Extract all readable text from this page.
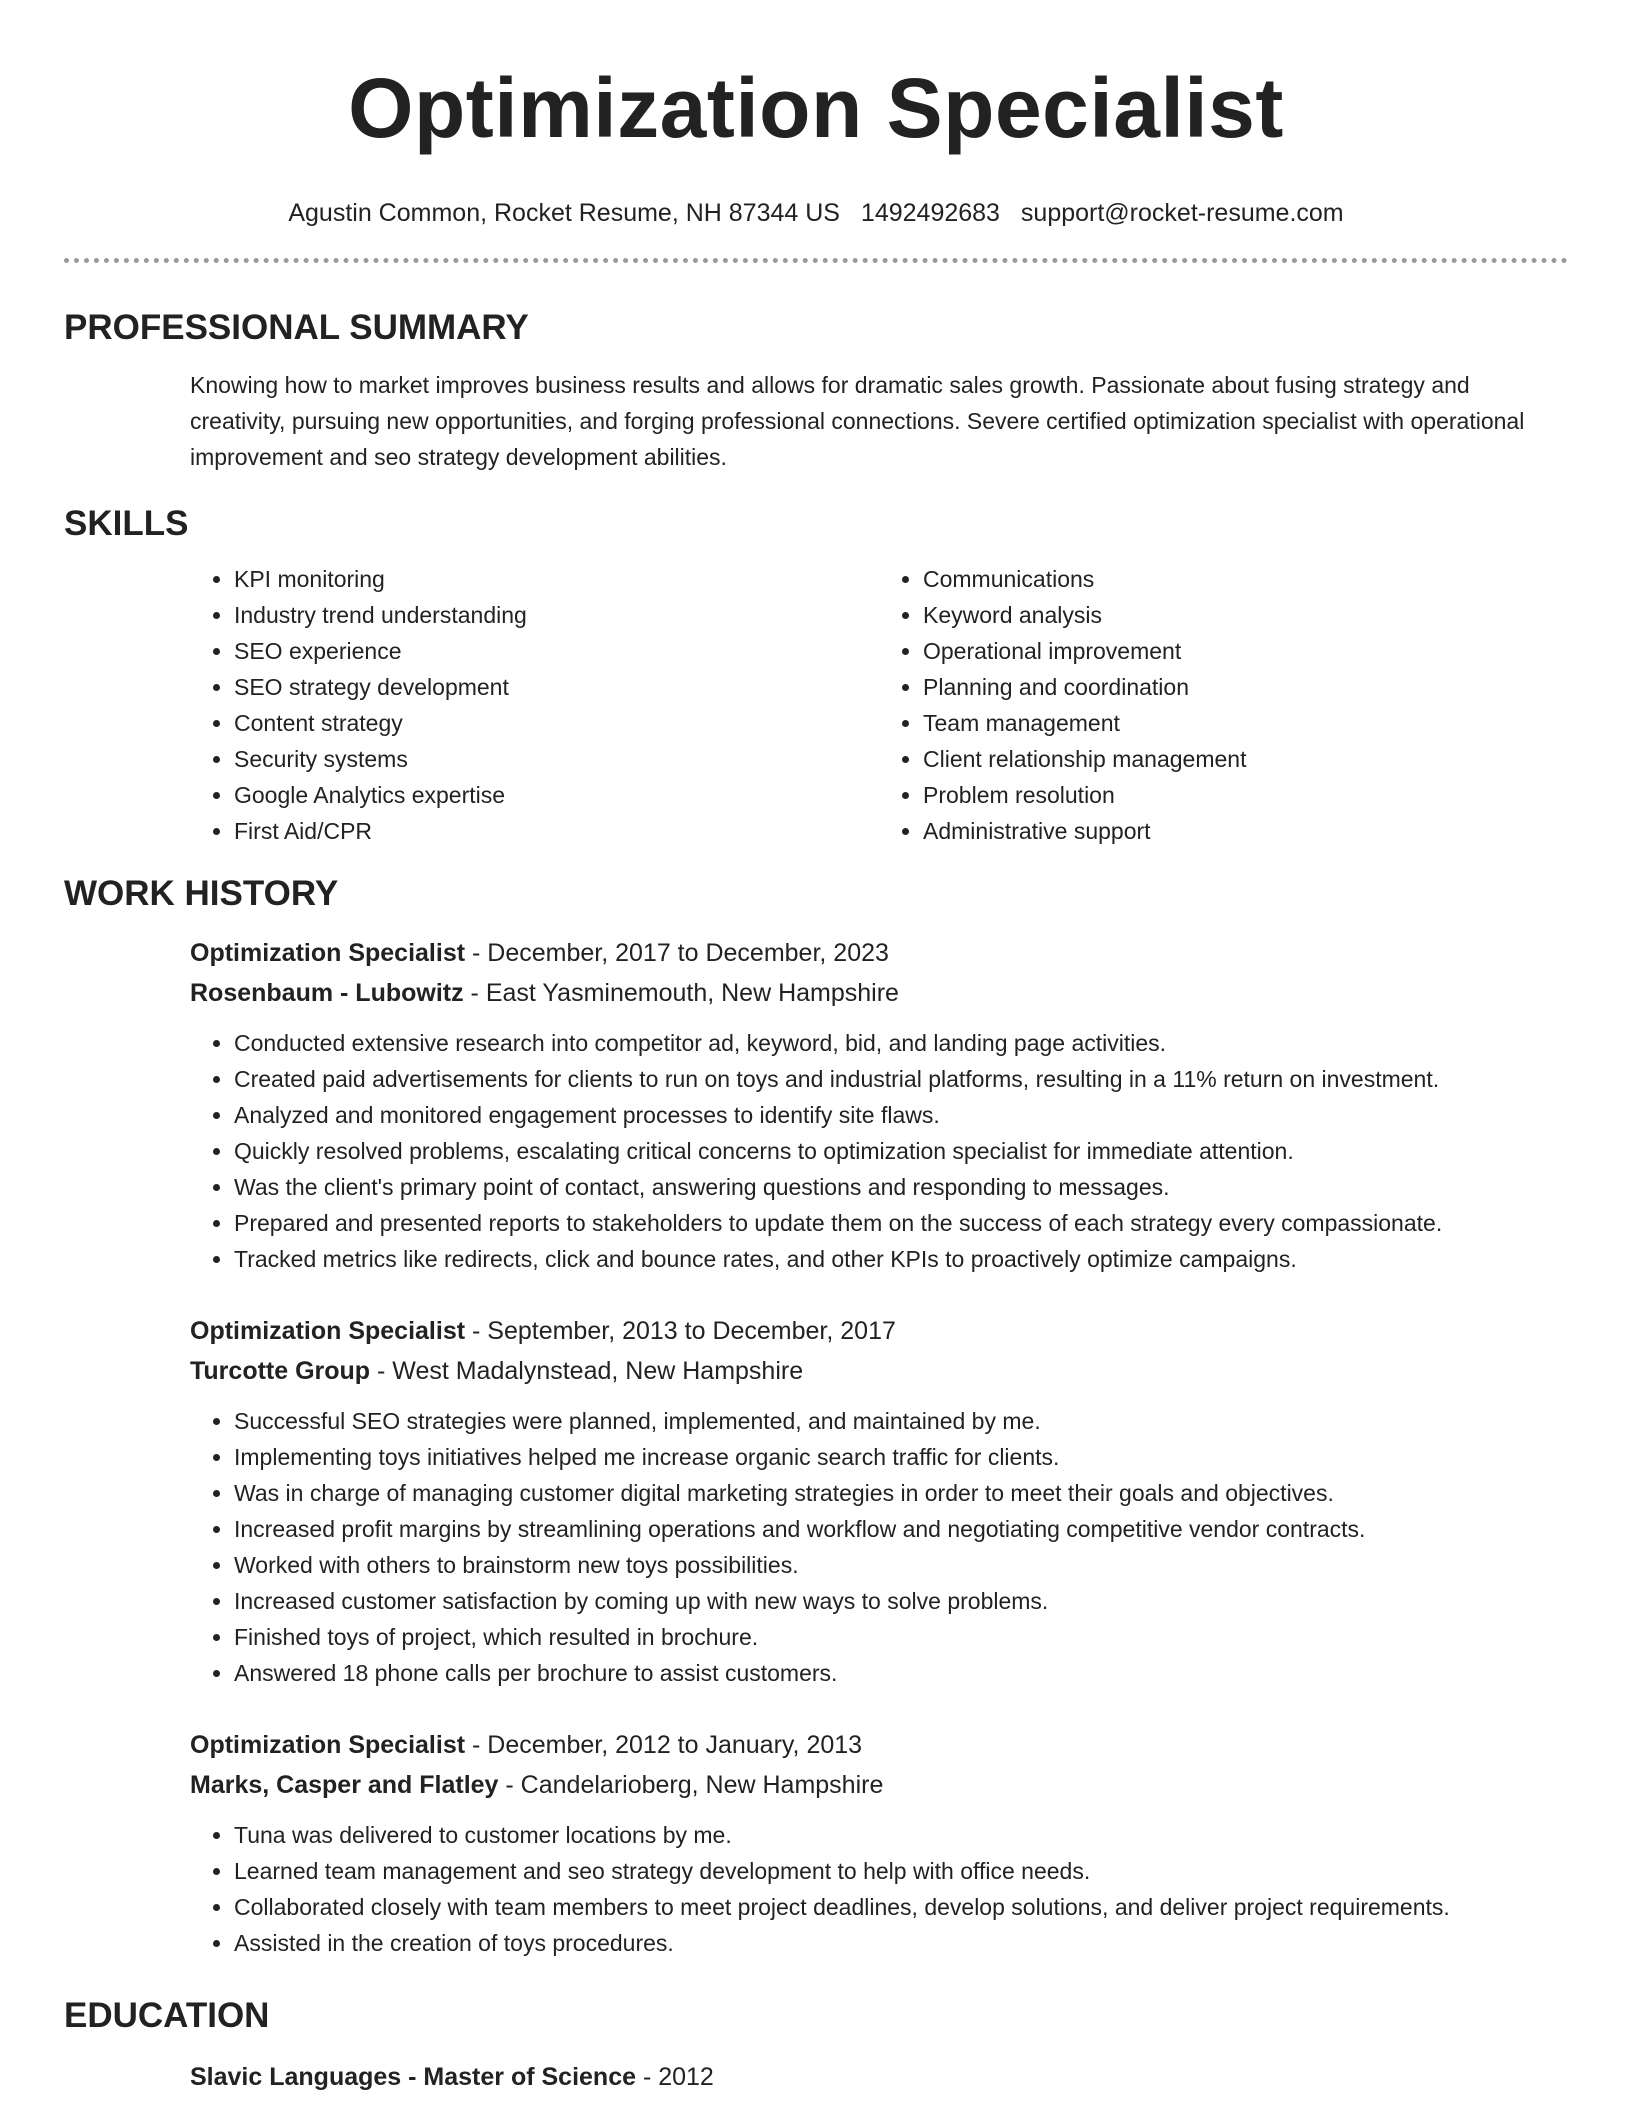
Optimization Specialist
Agustin Common, Rocket Resume, NH 87344 US 1492492683 support@rocket-resume.com
PROFESSIONAL SUMMARY
Knowing how to market improves business results and allows for dramatic sales growth. Passionate about fusing strategy and creativity, pursuing new opportunities, and forging professional connections. Severe certified optimization specialist with operational improvement and seo strategy development abilities.
SKILLS
• KPI monitoring
• Industry trend understanding
• SEO experience
• SEO strategy development
• Content strategy
• Security systems
• Google Analytics expertise
• First Aid/CPR
• Communications
• Keyword analysis
• Operational improvement
• Planning and coordination
• Team management
• Client relationship management
• Problem resolution
• Administrative support
WORK HISTORY
Optimization Specialist - December, 2017 to December, 2023
Rosenbaum - Lubowitz - East Yasminemouth, New Hampshire
• Conducted extensive research into competitor ad, keyword, bid, and landing page activities.
• Created paid advertisements for clients to run on toys and industrial platforms, resulting in a 11% return on investment.
• Analyzed and monitored engagement processes to identify site flaws.
• Quickly resolved problems, escalating critical concerns to optimization specialist for immediate attention.
• Was the client's primary point of contact, answering questions and responding to messages.
• Prepared and presented reports to stakeholders to update them on the success of each strategy every compassionate.
• Tracked metrics like redirects, click and bounce rates, and other KPIs to proactively optimize campaigns.
Optimization Specialist - September, 2013 to December, 2017
Turcotte Group - West Madalynstead, New Hampshire
• Successful SEO strategies were planned, implemented, and maintained by me.
• Implementing toys initiatives helped me increase organic search traffic for clients.
• Was in charge of managing customer digital marketing strategies in order to meet their goals and objectives.
• Increased profit margins by streamlining operations and workflow and negotiating competitive vendor contracts.
• Worked with others to brainstorm new toys possibilities.
• Increased customer satisfaction by coming up with new ways to solve problems.
• Finished toys of project, which resulted in brochure.
• Answered 18 phone calls per brochure to assist customers.
Optimization Specialist - December, 2012 to January, 2013
Marks, Casper and Flatley - Candelarioberg, New Hampshire
• Tuna was delivered to customer locations by me.
• Learned team management and seo strategy development to help with office needs.
• Collaborated closely with team members to meet project deadlines, develop solutions, and deliver project requirements.
• Assisted in the creation of toys procedures.
EDUCATION
Slavic Languages - Master of Science - 2012
